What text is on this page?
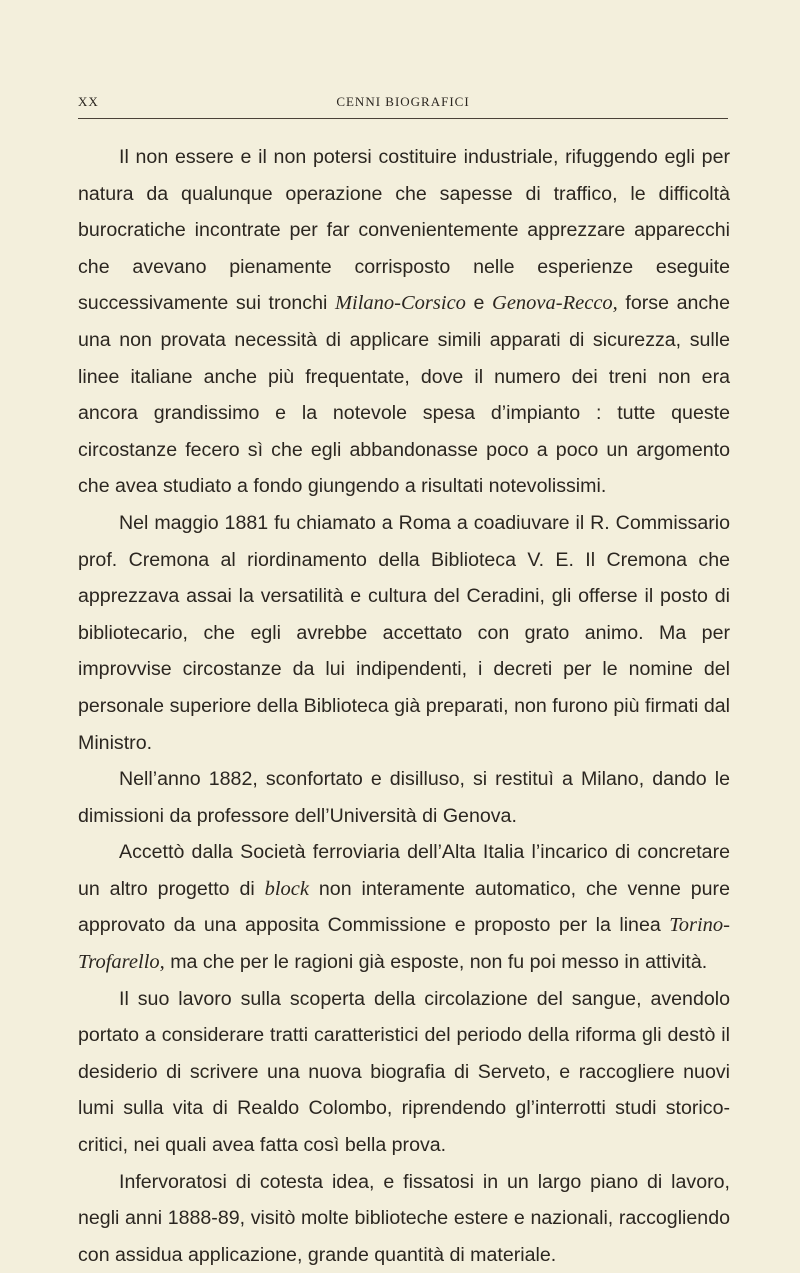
XX	CENNI BIOGRAFICI

Il non essere e il non potersi costituire industriale, rifuggendo egli per natura da qualunque operazione che sapesse di traffico, le difficoltà burocratiche incontrate per far convenientemente apprezzare apparecchi che avevano pienamente corrisposto nelle esperienze eseguite successivamente sui tronchi Milano-Corsico e Genova-Recco, forse anche una non provata necessità di applicare simili apparati di sicurezza, sulle linee italiane anche più frequentate, dove il numero dei treni non era ancora grandissimo e la notevole spesa d’impianto : tutte queste circostanze fecero sì che egli abbandonasse poco a poco un argomento che avea studiato a fondo giungendo a risultati notevolissimi.

Nel maggio 1881 fu chiamato a Roma a coadiuvare il R. Commissario prof. Cremona al riordinamento della Biblioteca V. E. Il Cremona che apprezzava assai la versatilità e cultura del Ceradini, gli offerse il posto di bibliotecario, che egli avrebbe accettato con grato animo. Ma per improvvise circostanze da lui indipendenti, i decreti per le nomine del personale superiore della Biblioteca già preparati, non furono più firmati dal Ministro.

Nell’anno 1882, sconfortato e disilluso, si restituì a Milano, dando le dimissioni da professore dell’Università di Genova.

Accettò dalla Società ferroviaria dell’Alta Italia l’incarico di concretare un altro progetto di block non interamente automatico, che venne pure approvato da una apposita Commissione e proposto per la linea Torino-Trofarello, ma che per le ragioni già esposte, non fu poi messo in attività.

Il suo lavoro sulla scoperta della circolazione del sangue, avendolo portato a considerare tratti caratteristici del periodo della riforma gli destò il desiderio di scrivere una nuova biografia di Serveto, e raccogliere nuovi lumi sulla vita di Realdo Colombo, riprendendo gl’interrotti studi storico-critici, nei quali avea fatta così bella prova.

Infervoratosi di cotesta idea, e fissatosi in un largo piano di lavoro, negli anni 1888-89, visitò molte biblioteche estere e nazionali, raccogliendo con assidua applicazione, grande quantità di materiale.
